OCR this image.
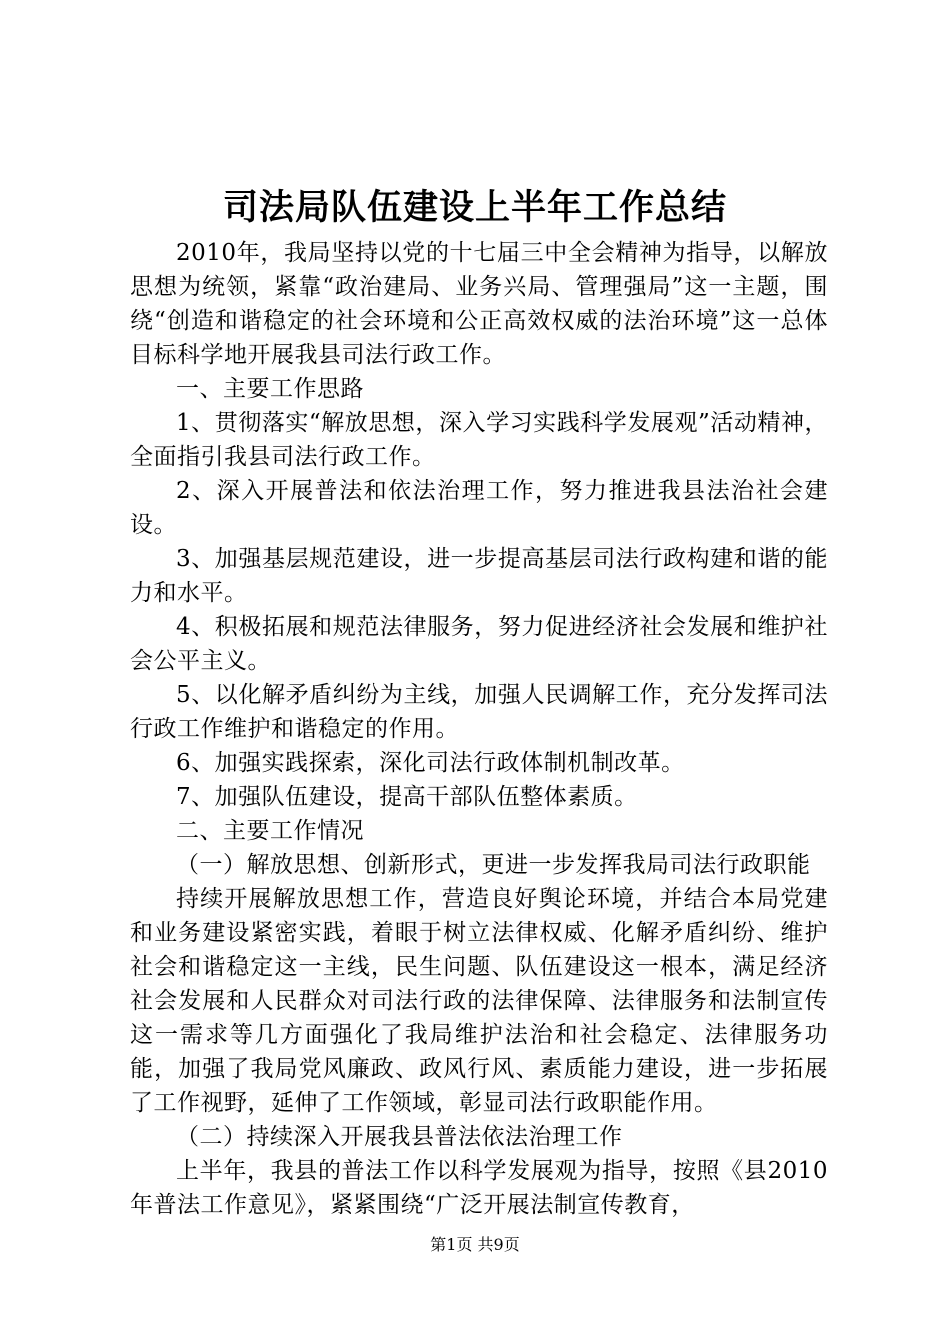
司法局队伍建设上半年工作总结

2010年，我局坚持以党的十七届三中全会精神为指导，以解放思想为统领，紧靠“政治建局、业务兴局、管理强局”这一主题，围绕“创造和谐稳定的社会环境和公正高效权威的法治环境”这一总体目标科学地开展我县司法行政工作。

一、主要工作思路

1、贯彻落实“解放思想，深入学习实践科学发展观”活动精神，全面指引我县司法行政工作。

2、深入开展普法和依法治理工作，努力推进我县法治社会建设。

3、加强基层规范建设，进一步提高基层司法行政构建和谐的能力和水平。

4、积极拓展和规范法律服务，努力促进经济社会发展和维护社会公平主义。

5、以化解矛盾纠纷为主线，加强人民调解工作，充分发挥司法行政工作维护和谐稳定的作用。

6、加强实践探索，深化司法行政体制机制改革。

7、加强队伍建设，提高干部队伍整体素质。

二、主要工作情况

（一）解放思想、创新形式，更进一步发挥我局司法行政职能

持续开展解放思想工作，营造良好舆论环境，并结合本局党建和业务建设紧密实践，着眼于树立法律权威、化解矛盾纠纷、维护社会和谐稳定这一主线，民生问题、队伍建设这一根本，满足经济社会发展和人民群众对司法行政的法律保障、法律服务和法制宣传这一需求等几方面强化了我局维护法治和社会稳定、法律服务功能，加强了我局党风廉政、政风行风、素质能力建设，进一步拓展了工作视野，延伸了工作领域，彰显司法行政职能作用。

（二）持续深入开展我县普法依法治理工作

上半年，我县的普法工作以科学发展观为指导，按照《县2010年普法工作意见》，紧紧围绕“广泛开展法制宣传教育，

第1页 共9页
